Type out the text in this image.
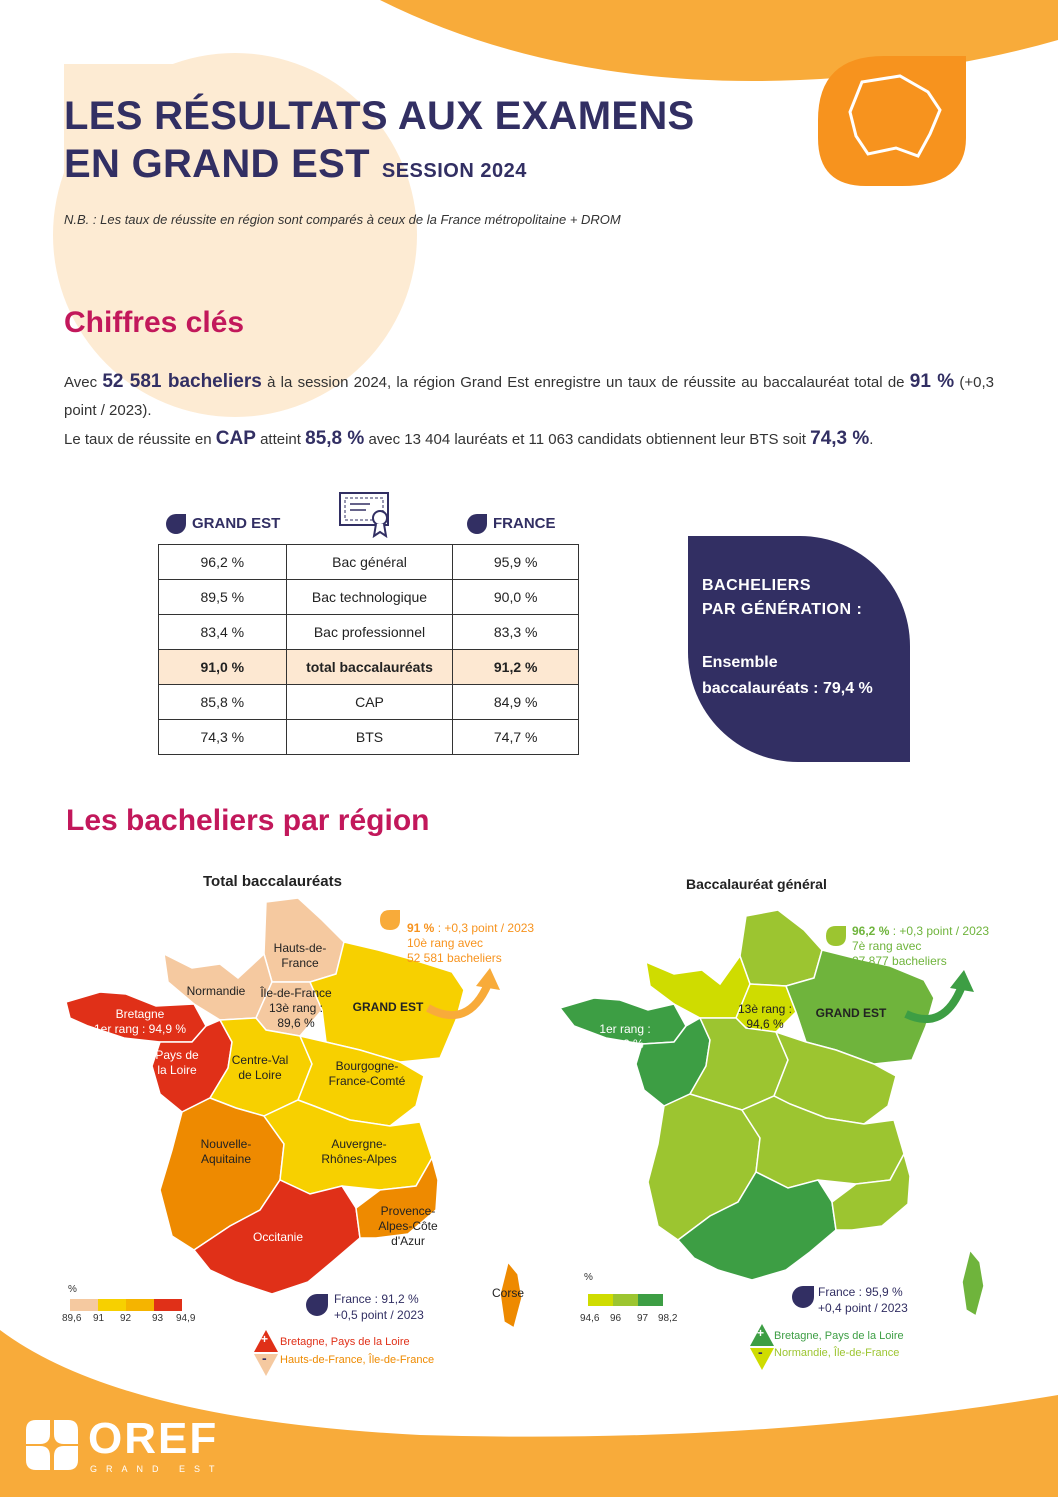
LES RÉSULTATS AUX EXAMENS
EN GRAND EST SESSION 2024
N.B. : Les taux de réussite en région sont comparés à ceux de la France métropolitaine + DROM
Chiffres clés
Avec 52 581 bacheliers à la session 2024, la région Grand Est enregistre un taux de réussite au baccalauréat total de 91 % (+0,3 point / 2023).
Le taux de réussite en CAP atteint 85,8 % avec 13 404 lauréats et 11 063 candidats obtiennent leur BTS soit 74,3 %.
GRAND EST	FRANCE
96,2 %	Bac général	95,9 %
89,5 %	Bac technologique	90,0 %
83,4 %	Bac professionnel	83,3 %
91,0 %	total baccalauréats	91,2 %
85,8 %	CAP	84,9 %
74,3 %	BTS	74,7 %
BACHELIERS
PAR GÉNÉRATION :
Ensemble
baccalauréats : 79,4 %
Les bacheliers par région
Total baccalauréats
Hauts-de-
France
Normandie	Île-de-France
13è rang :
89,6 %
GRAND EST
Bretagne
1er rang : 94,9 %
Pays de
la Loire
Centre-Val
de Loire
Bourgogne-
France-Comté
Nouvelle-
Aquitaine
Auvergne-
Rhônes-Alpes
Occitanie
Provence-
Alpes-Côte
d'Azur
Corse
91 % : +0,3 point / 2023
10è rang avec
52 581 bacheliers
%
89,6 91 92 93 94,9
France : 91,2 %
+0,5 point / 2023
+
-
Bretagne, Pays de la Loire
Hauts-de-France, Île-de-France
Baccalauréat général
1er rang :
98,2 %
13è rang :
94,6 %
GRAND EST
96,2 % : +0,3 point / 2023
7è rang avec
27 877 bacheliers
%
94,6 96 97 98,2
France : 95,9 %
+0,4 point / 2023
+
-
Bretagne, Pays de la Loire
Normandie, Île-de-France
OREF
GRAND EST
